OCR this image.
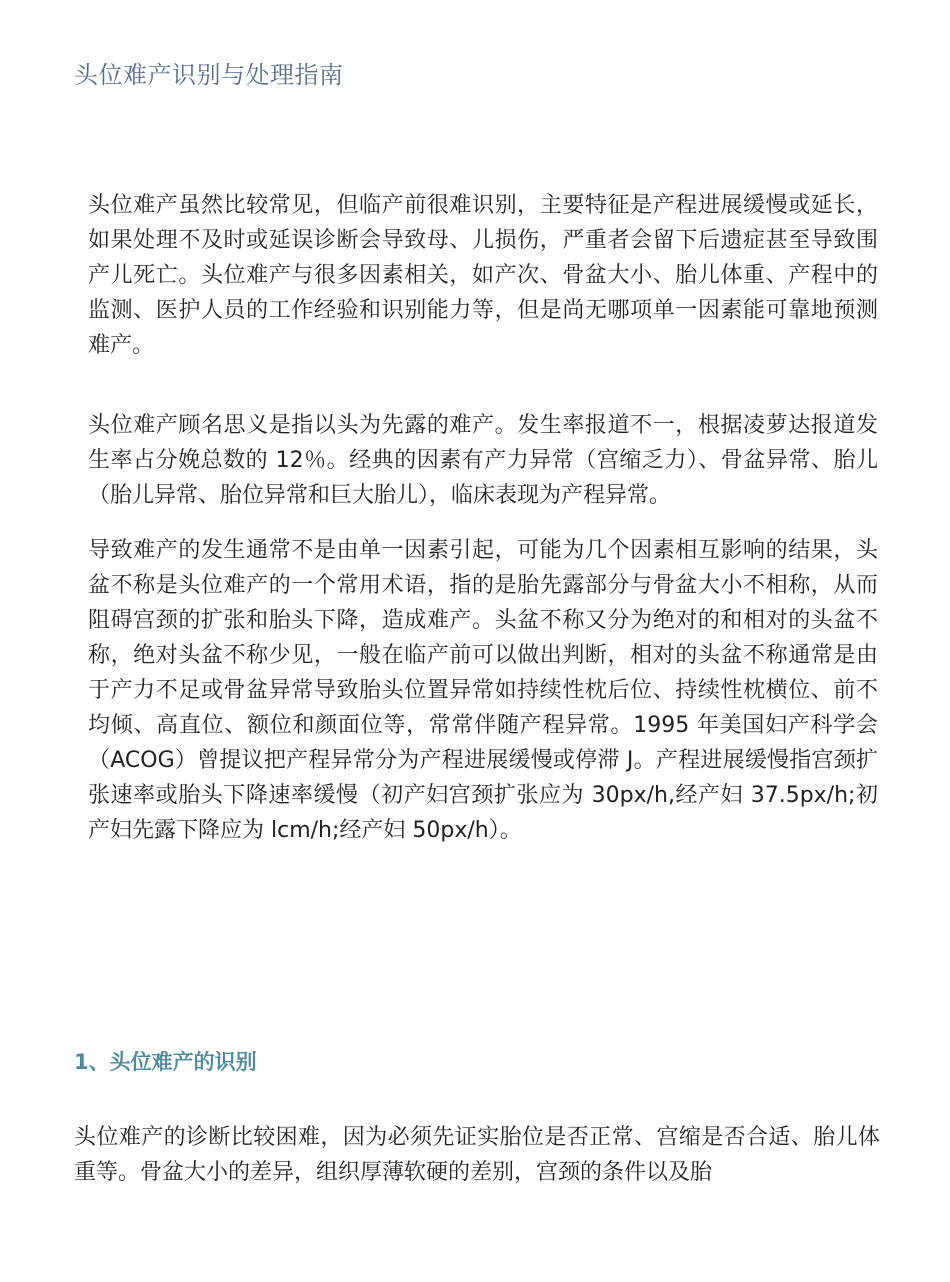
头位难产识别与处理指南

头位难产虽然比较常见，但临产前很难识别，主要特征是产程进展缓慢或延长，如果处理不及时或延误诊断会导致母、儿损伤，严重者会留下后遗症甚至导致围产儿死亡。头位难产与很多因素相关，如产次、骨盆大小、胎儿体重、产程中的监测、医护人员的工作经验和识别能力等，但是尚无哪项单一因素能可靠地预测难产。

头位难产顾名思义是指以头为先露的难产。发生率报道不一，根据凌萝达报道发生率占分娩总数的 12％。经典的因素有产力异常（宫缩乏力）、骨盆异常、胎儿（胎儿异常、胎位异常和巨大胎儿），临床表现为产程异常。

导致难产的发生通常不是由单一因素引起，可能为几个因素相互影响的结果，头盆不称是头位难产的一个常用术语，指的是胎先露部分与骨盆大小不相称，从而阻碍宫颈的扩张和胎头下降，造成难产。头盆不称又分为绝对的和相对的头盆不称，绝对头盆不称少见，一般在临产前可以做出判断，相对的头盆不称通常是由于产力不足或骨盆异常导致胎头位置异常如持续性枕后位、持续性枕横位、前不均倾、高直位、额位和颜面位等，常常伴随产程异常。1995 年美国妇产科学会（ACOG）曾提议把产程异常分为产程进展缓慢或停滞 J。产程进展缓慢指宫颈扩张速率或胎头下降速率缓慢（初产妇宫颈扩张应为 30px/h,经产妇 37.5px/h;初产妇先露下降应为 lcm/h;经产妇 50px/h）。

1、头位难产的识别

头位难产的诊断比较困难，因为必须先证实胎位是否正常、宫缩是否合适、胎儿体重等。骨盆大小的差异，组织厚薄软硬的差别，宫颈的条件以及胎
